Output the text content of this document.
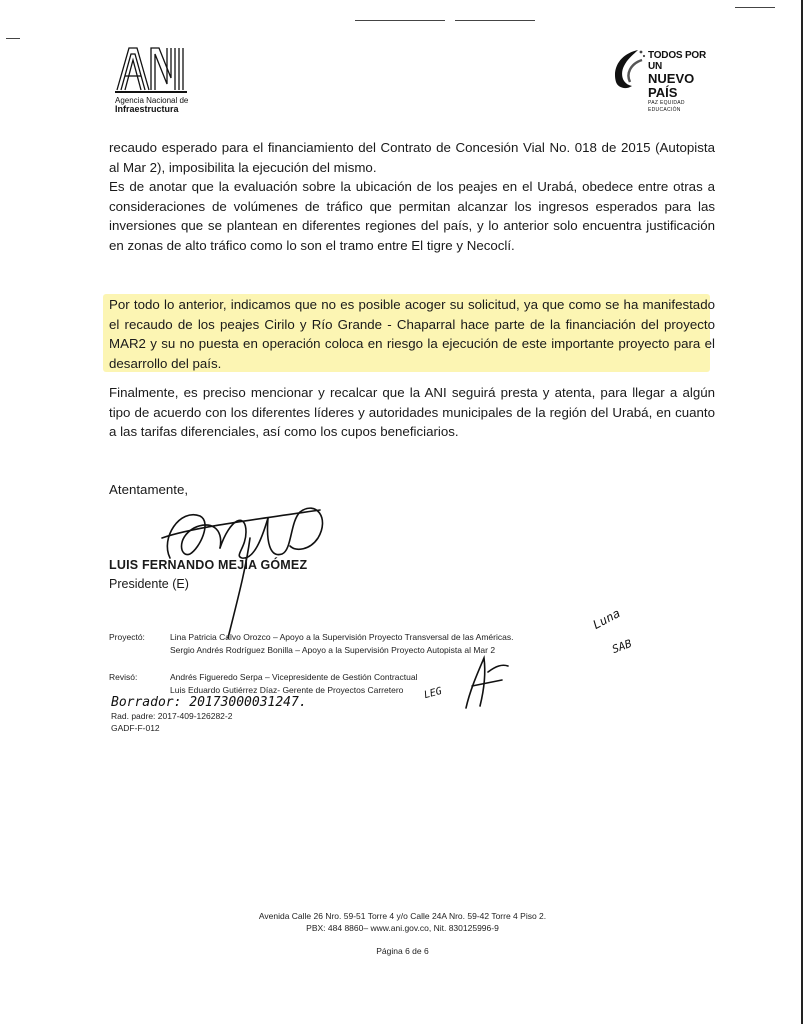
Agencia Nacional de
Infraestructura
TODOS POR UN
NUEVO PAÍS
PAZ EQUIDAD EDUCACIÓN
recaudo esperado para el financiamiento del Contrato de Concesión Vial No. 018 de 2015 (Autopista al Mar 2), imposibilita la ejecución del mismo.
Es de anotar que la evaluación sobre la ubicación de los peajes en el Urabá, obedece entre otras a consideraciones de volúmenes de tráfico que permitan alcanzar los ingresos esperados para las inversiones que se plantean en diferentes regiones del país, y lo anterior solo encuentra justificación en zonas de alto tráfico como lo son el tramo entre El tigre y Necoclí.
Por todo lo anterior, indicamos que no es posible acoger su solicitud, ya que como se ha manifestado el recaudo de los peajes Cirilo y Río Grande - Chaparral hace parte de la financiación del proyecto MAR2 y su no puesta en operación coloca en riesgo la ejecución de este importante proyecto para el desarrollo del país.
Finalmente, es preciso mencionar y recalcar que la ANI seguirá presta y atenta, para llegar a algún tipo de acuerdo con los diferentes líderes y autoridades municipales de la región del Urabá, en cuanto a las tarifas diferenciales, así como los cupos beneficiarios.
Atentamente,
LUIS FERNANDO MEJÍA GÓMEZ
Presidente (E)
Proyectó:	Lina Patricia Calvo Orozco – Apoyo a la Supervisión Proyecto Transversal de las Américas.
Sergio Andrés Rodríguez Bonilla – Apoyo a la Supervisión Proyecto Autopista al Mar 2
Revisó:	Andrés Figueredo Serpa – Vicepresidente de Gestión Contractual
Luis Eduardo Gutiérrez Díaz- Gerente de Proyectos Carretero
Borrador: 20173000031247.
Rad. padre: 2017-409-126282-2
GADF-F-012
Luna
SAB
LEG
Avenida Calle 26 Nro. 59-51 Torre 4 y/o Calle 24A Nro. 59-42 Torre 4 Piso 2.
PBX: 484 8860– www.ani.gov.co, Nit. 830125996-9
Página 6 de 6
